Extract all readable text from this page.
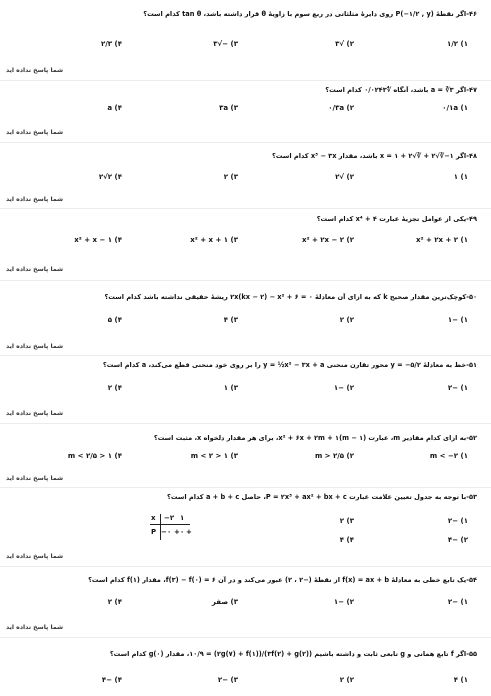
۴۶-اگر نقطهٔ P(−۱/۲ , y) روی دایرهٔ مثلثاتی در ربع سوم با زاویهٔ θ قرار داشته باشد، tan θ کدام است؟
۱) ۱/۲
۲) √۳
۳) −√۳
۴) ۲/۳
شما پاسخ نداده اید
۴۷-اگر a = ∛۳ باشد، آنگاه ∜۰/۰۲۴۳ کدام است؟
۱) ۰/۱a
۲) ۰/۳a
۳) ۳a
۴) a
شما پاسخ نداده اید
۴۸-اگر ۱−∛√۲ + ∛√۲ + ۱ = x باشد، مقدار x³ − ۳x کدام است؟
۱) ۱
۲) √۲
۳) ۲
۴) ۲√۲
شما پاسخ نداده اید
۴۹-یکی از عوامل تجزیهٔ عبارت x⁴ + ۴ کدام است؟
۱) x² + ۲x + ۲
۲) x² + ۲x − ۲
۳) x² + x + ۱
۴) x² + x − ۱
شما پاسخ نداده اید
۵۰-کوچک‌ترین مقدار صحیح k که به ازای آن معادلهٔ ۲x(kx − ۲) − x² + ۶ = ۰ ریشهٔ حقیقی نداشته باشد کدام است؟
۱) −۱
۲) ۲
۳) ۴
۴) ۵
شما پاسخ نداده اید
۵۱-خط به معادلهٔ y = −۵/۲ محور تقارن منحنی y = ½x² − ۳x + a را بر روی خود منحنی قطع می‌کند، a کدام است؟
۱) −۲
۲) −۱
۳) ۱
۴) ۲
شما پاسخ نداده اید
۵۲-به ازای کدام مقادیر m، عبارت (m − ۱)x² + ۶x + ۲m + ۱، برای هر مقدار دلخواه x، مثبت است؟
۱) m < −۲
۲) m > ۲/۵
۳) ۱ < m < ۲
۴) ۱ < m < ۲/۵
شما پاسخ نداده اید
۵۳-با توجه به جدول تعیین علامت عبارت P = ۲x³ + ax² + bx + c، حاصل a + b + c کدام است؟
۱) −۲
۳) ۲
۲) −۴
۴) ۴
x
P
−۲ ۱
− ۰ + ۰ +
شما پاسخ نداده اید
۵۴-یک تابع خطی به معادلهٔ f(x) = ax + b از نقطهٔ (−۲ ، ۲) عبور می‌کند و در آن f(۳) − f(۰) = ۶، مقدار f(۱) کدام است؟
۱) −۲
۲) −۱
۳) صفر
۴) ۲
شما پاسخ نداده اید
۵۵-اگر f تابع همانی و g تابعی ثابت و داشته باشیم (۳f(۲) + g(۲))/(۲g(۷) + f(۱)) = ۱۰/۹، مقدار g(۰) کدام است؟
۱) ۴
۲) ۲
۳) −۲
۴) −۴
